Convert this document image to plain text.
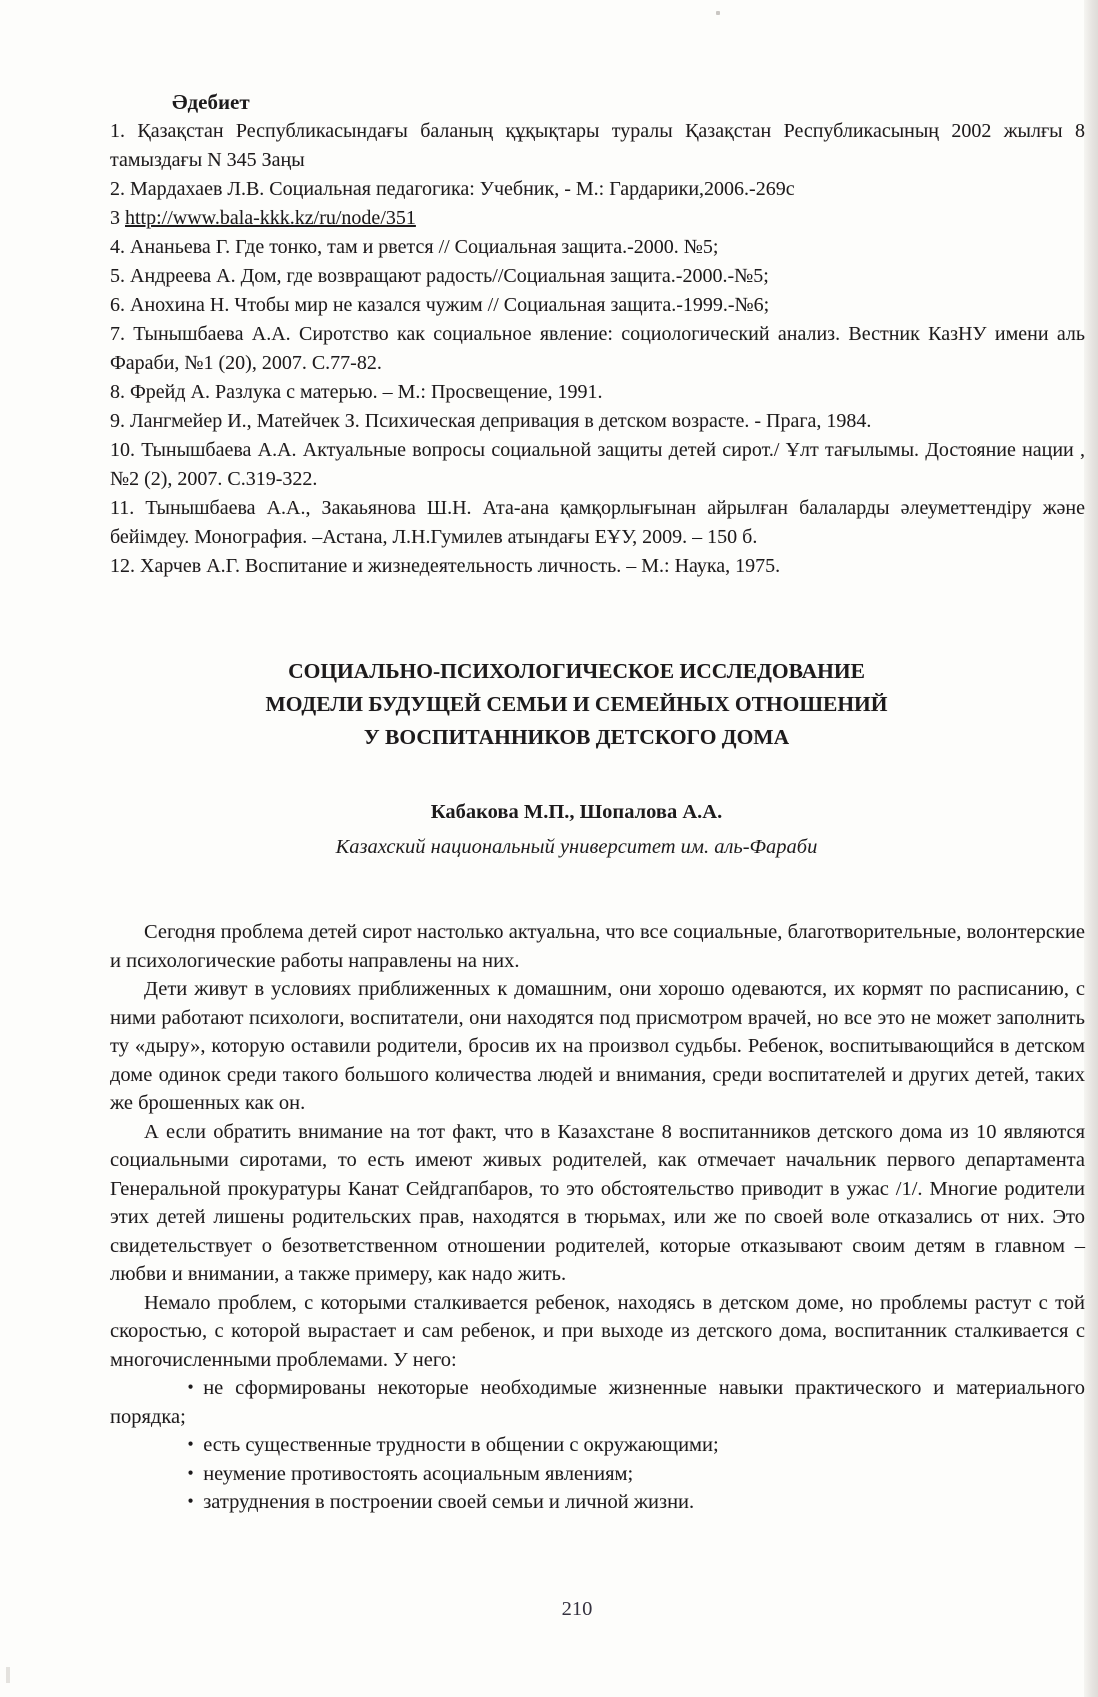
Әдебиет

1. Қазақстан Республикасындағы баланың құқықтары туралы Қазақстан Республикасының 2002 жылғы 8 тамыздағы N 345 Заңы

2. Мардахаев Л.В. Социальная педагогика: Учебник, - М.: Гардарики,2006.-269с

3 http://www.bala-kkk.kz/ru/node/351

4. Ананьева Г. Где тонко, там и рвется // Социальная защита.-2000. №5;

5. Андреева А. Дом, где возвращают радость//Социальная защита.-2000.-№5;

6. Анохина Н. Чтобы мир не казался чужим // Социальная защита.-1999.-№6;

7. Тынышбаева А.А. Сиротство как социальное явление: социологический анализ. Вестник КазНУ имени аль Фараби, №1 (20), 2007. С.77-82.

8. Фрейд А. Разлука с матерью. – М.: Просвещение, 1991.

9. Лангмейер И., Матейчек З. Психическая депривация в детском возрасте. - Прага, 1984.

10. Тынышбаева А.А. Актуальные вопросы социальной защиты детей сирот./ Ұлт тағылымы. Достояние нации , №2 (2), 2007. С.319-322.

11. Тынышбаева А.А., Закаьянова Ш.Н. Ата-ана қамқорлығынан айрылған балаларды әлеуметтендіру және бейімдеу. Монография. –Астана, Л.Н.Гумилев атындағы ЕҰУ, 2009. – 150 б.

12. Харчев А.Г. Воспитание и жизнедеятельность личность. – М.: Наука, 1975.

СОЦИАЛЬНО-ПСИХОЛОГИЧЕСКОЕ ИССЛЕДОВАНИЕ
МОДЕЛИ БУДУЩЕЙ СЕМЬИ И СЕМЕЙНЫХ ОТНОШЕНИЙ
У ВОСПИТАННИКОВ ДЕТСКОГО ДОМА
Кабакова М.П., Шопалова А.А.
Казахский национальный университет им. аль-Фараби

Сегодня проблема детей сирот настолько актуальна, что все социальные, благотворительные, волонтерские и психологические работы направлены на них.

Дети живут в условиях приближенных к домашним, они хорошо одеваются, их кормят по расписанию, с ними работают психологи, воспитатели, они находятся под присмотром врачей, но все это не может заполнить ту «дыру», которую оставили родители, бросив их на произвол судьбы. Ребенок, воспитывающийся в детском доме одинок среди такого большого количества людей и внимания, среди воспитателей и других детей, таких же брошенных как он.

А если обратить внимание на тот факт, что в Казахстане 8 воспитанников детского дома из 10 являются социальными сиротами, то есть имеют живых родителей, как отмечает начальник первого департамента Генеральной прокуратуры Канат Сейдгапбаров, то это обстоятельство приводит в ужас /1/. Многие родители этих детей лишены родительских прав, находятся в тюрьмах, или же по своей воле отказались от них. Это свидетельствует о безответственном отношении родителей, которые отказывают своим детям в главном – любви и внимании, а также примеру, как надо жить.

Немало проблем, с которыми сталкивается ребенок, находясь в детском доме, но проблемы растут с той скоростью, с которой вырастает и сам ребенок, и при выходе из детского дома, воспитанник сталкивается с многочисленными проблемами. У него:

• не сформированы некоторые необходимые жизненные навыки практического и материального порядка;

• есть существенные трудности в общении с окружающими;

• неумение противостоять асоциальным явлениям;

• затруднения в построении своей семьи и личной жизни.

210
